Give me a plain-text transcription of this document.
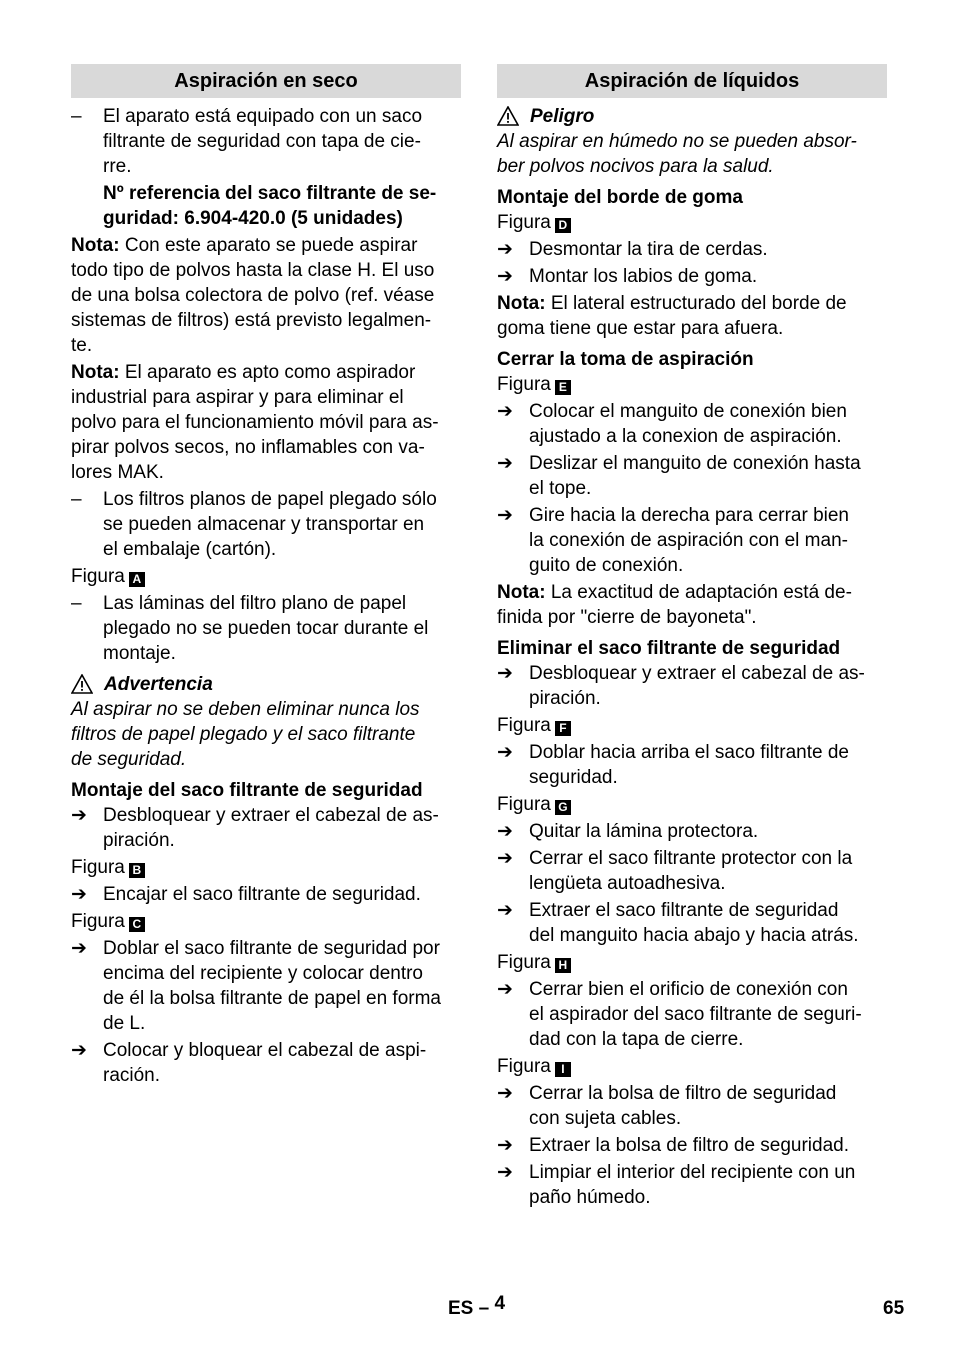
Aspiración en seco
–	El aparato está equipado con un saco
filtrante de seguridad con tapa de cie-
rre.
Nº referencia del saco filtrante de se-
guridad: 6.904-420.0 (5 unidades)
Nota: Con este aparato se puede aspirar
todo tipo de polvos hasta la clase H. El uso
de una bolsa colectora de polvo (ref. véase
sistemas de filtros) está previsto legalmen-
te.
Nota: El aparato es apto como aspirador
industrial para aspirar y para eliminar el
polvo para el funcionamiento móvil para as-
pirar polvos secos, no inflamables con va-
lores MAK.
–	Los filtros planos de papel plegado sólo
se pueden almacenar y transportar en
el embalaje (cartón).
Figura A
–	Las láminas del filtro plano de papel
plegado no se pueden tocar durante el
montaje.
Advertencia
Al aspirar no se deben eliminar nunca los
filtros de papel plegado y el saco filtrante
de seguridad.
Montaje del saco filtrante de seguridad
➔ Desbloquear y extraer el cabezal de as-
piración.
Figura B
➔ Encajar el saco filtrante de seguridad.
Figura C
➔ Doblar el saco filtrante de seguridad por
encima del recipiente y colocar dentro
de él la bolsa filtrante de papel en forma
de L.
➔ Colocar y bloquear el cabezal de aspi-
ración.
Aspiración de líquidos
Peligro
Al aspirar en húmedo no se pueden absor-
ber polvos nocivos para la salud.
Montaje del borde de goma
Figura D
➔ Desmontar la tira de cerdas.
➔ Montar los labios de goma.
Nota: El lateral estructurado del borde de
goma tiene que estar para afuera.
Cerrar la toma de aspiración
Figura E
➔ Colocar el manguito de conexión bien
ajustado a la conexion de aspiración.
➔ Deslizar el manguito de conexión hasta
el tope.
➔ Gire hacia la derecha para cerrar bien
la conexión de aspiración con el man-
guito de conexión.
Nota: La exactitud de adaptación está de-
finida por "cierre de bayoneta".
Eliminar el saco filtrante de seguridad
➔ Desbloquear y extraer el cabezal de as-
piración.
Figura F
➔ Doblar hacia arriba el saco filtrante de
seguridad.
Figura G
➔ Quitar la lámina protectora.
➔ Cerrar el saco filtrante protector con la
lengüeta autoadhesiva.
➔ Extraer el saco filtrante de seguridad
del manguito hacia abajo y hacia atrás.
Figura H
➔ Cerrar bien el orificio de conexión con
el aspirador del saco filtrante de seguri-
dad con la tapa de cierre.
Figura I
➔ Cerrar la bolsa de filtro de seguridad
con sujeta cables.
➔ Extraer la bolsa de filtro de seguridad.
➔ Limpiar el interior del recipiente con un
paño húmedo.
ES – 4	65
